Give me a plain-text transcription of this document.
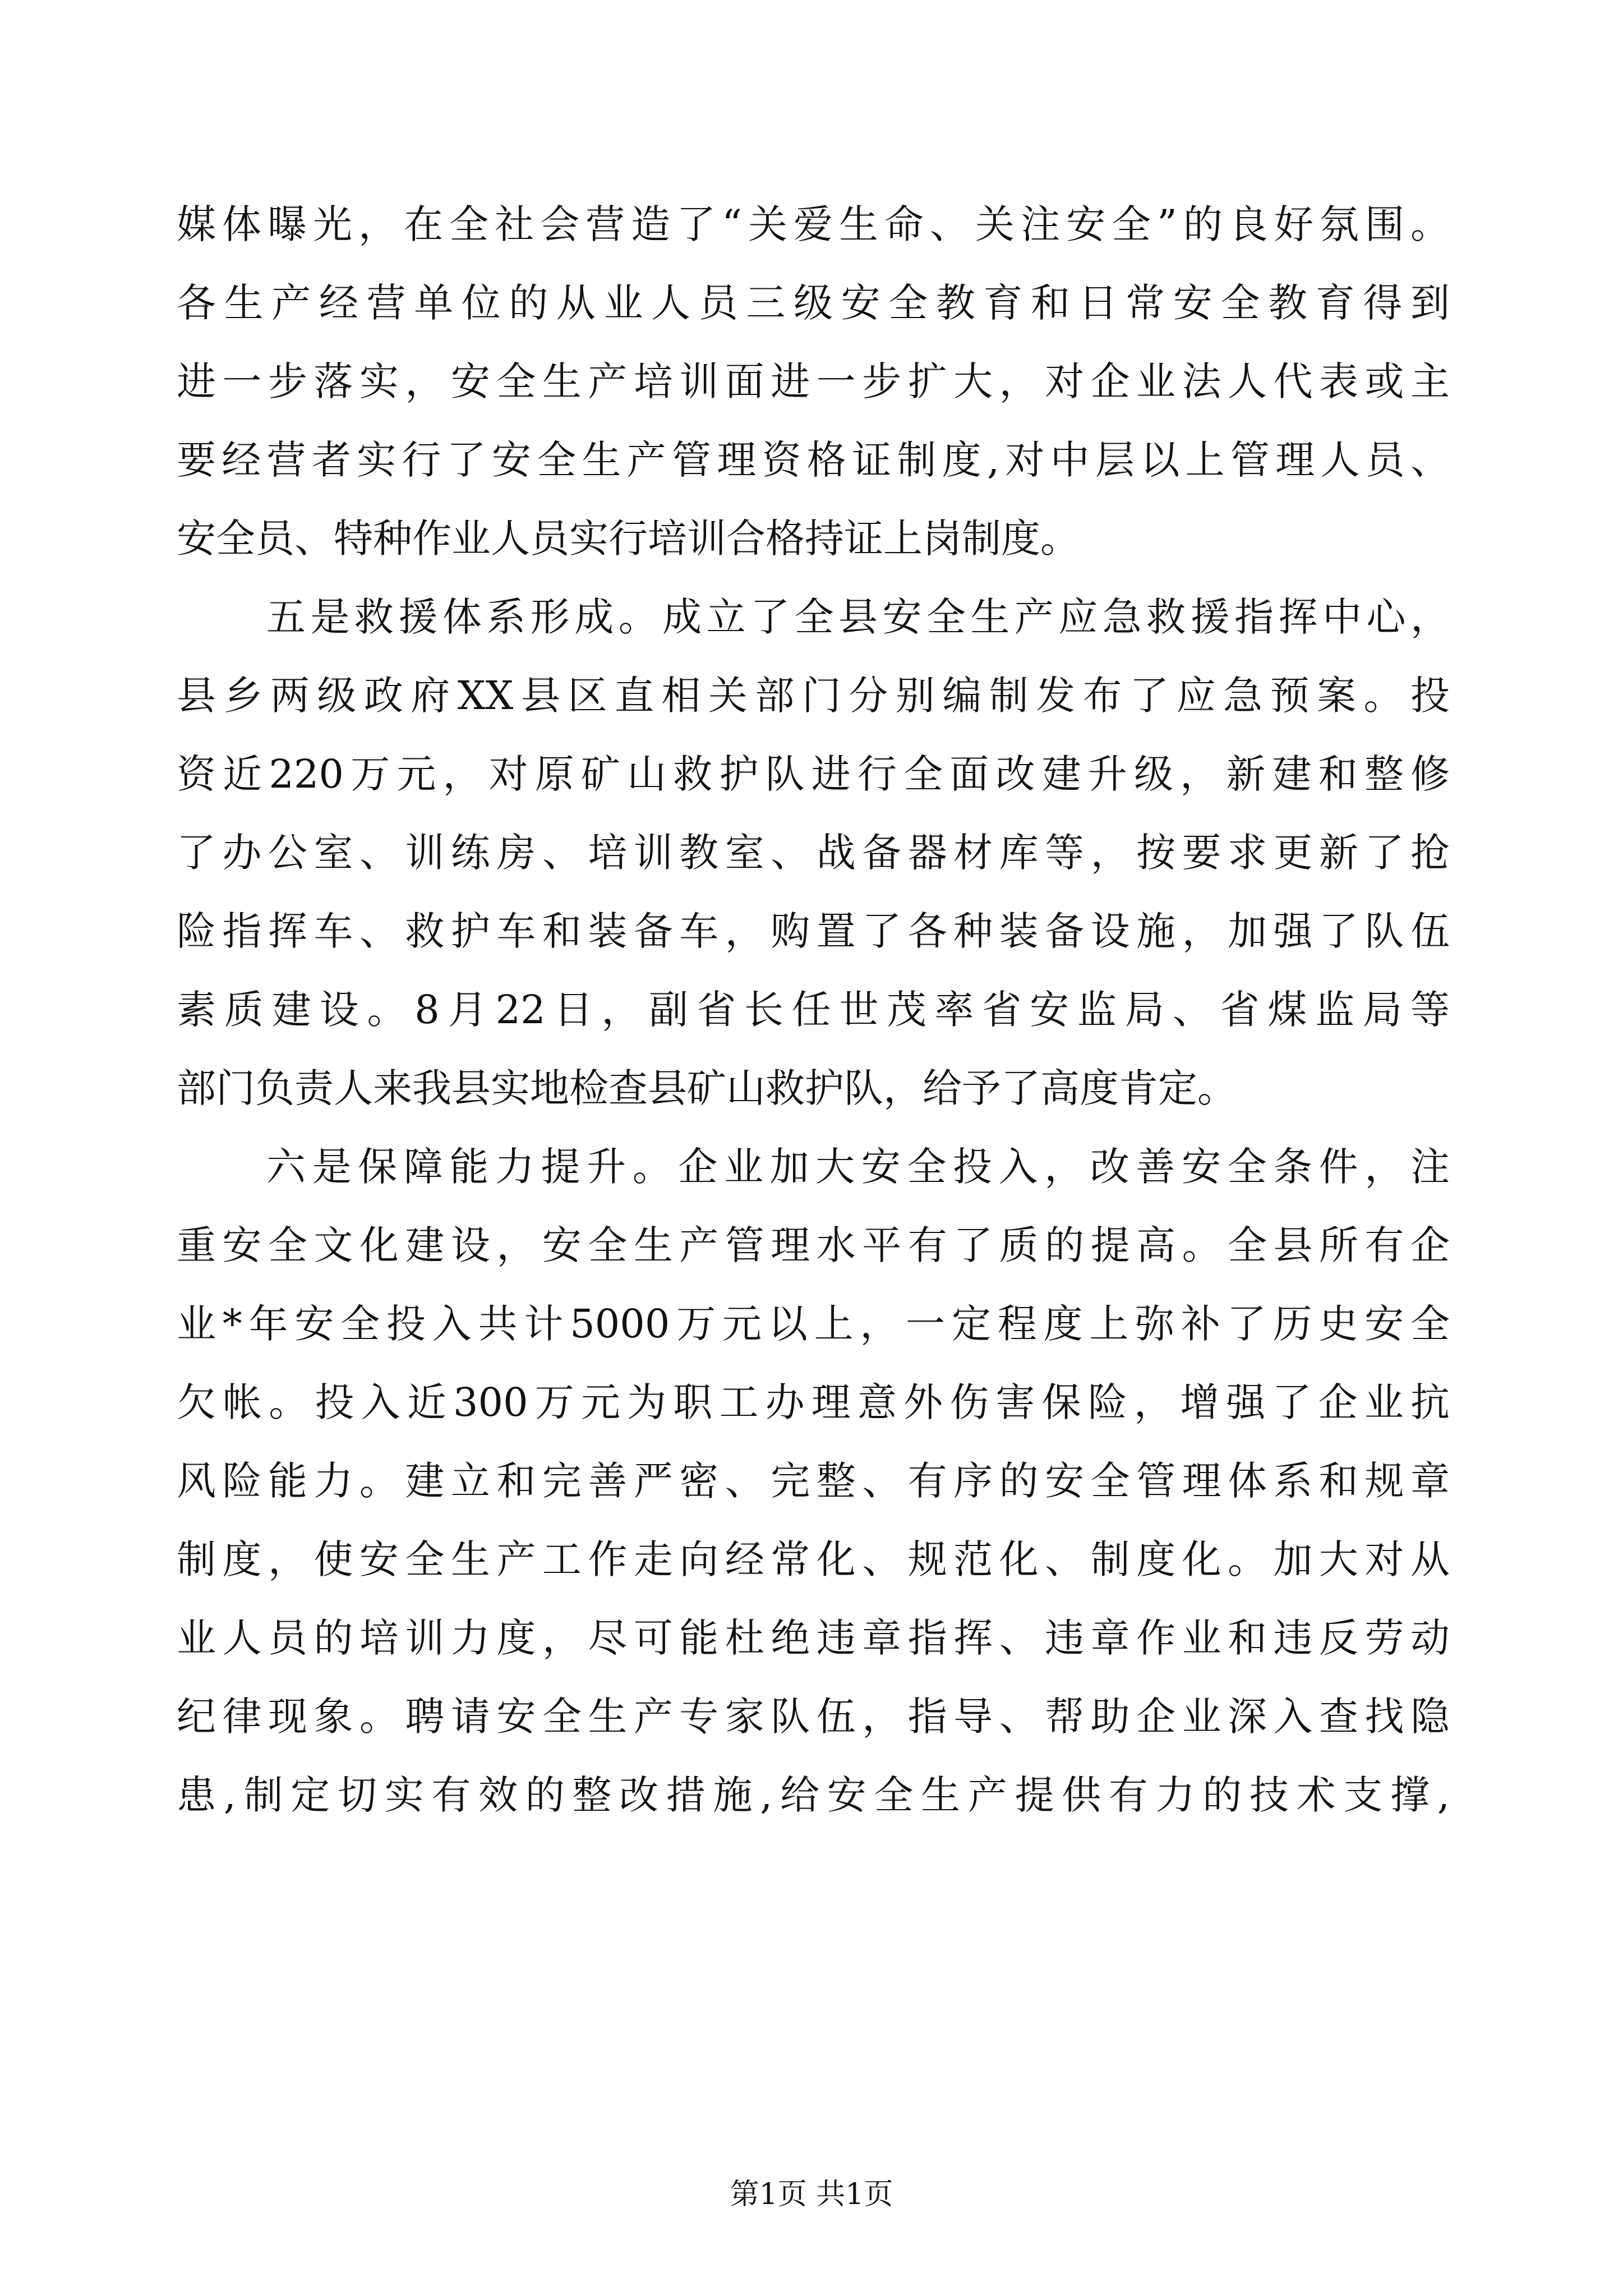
媒体曝光，在全社会营造了“关爱生命、关注安全”的良好氛围。
各生产经营单位的从业人员三级安全教育和日常安全教育得到
进一步落实，安全生产培训面进一步扩大，对企业法人代表或主
要经营者实行了安全生产管理资格证制度,对中层以上管理人员、
安全员、特种作业人员实行培训合格持证上岗制度。
五是救援体系形成。成立了全县安全生产应急救援指挥中心，
县乡两级政府XX县区直相关部门分别编制发布了应急预案。投
资近220万元，对原矿山救护队进行全面改建升级，新建和整修
了办公室、训练房、培训教室、战备器材库等，按要求更新了抢
险指挥车、救护车和装备车，购置了各种装备设施，加强了队伍
素质建设。8月22日，副省长任世茂率省安监局、省煤监局等
部门负责人来我县实地检查县矿山救护队，给予了高度肯定。
六是保障能力提升。企业加大安全投入，改善安全条件，注
重安全文化建设，安全生产管理水平有了质的提高。全县所有企
业*年安全投入共计5000万元以上，一定程度上弥补了历史安全
欠帐。投入近300万元为职工办理意外伤害保险，增强了企业抗
风险能力。建立和完善严密、完整、有序的安全管理体系和规章
制度，使安全生产工作走向经常化、规范化、制度化。加大对从
业人员的培训力度，尽可能杜绝违章指挥、违章作业和违反劳动
纪律现象。聘请安全生产专家队伍，指导、帮助企业深入查找隐
患,制定切实有效的整改措施,给安全生产提供有力的技术支撑,
第1页 共1页
